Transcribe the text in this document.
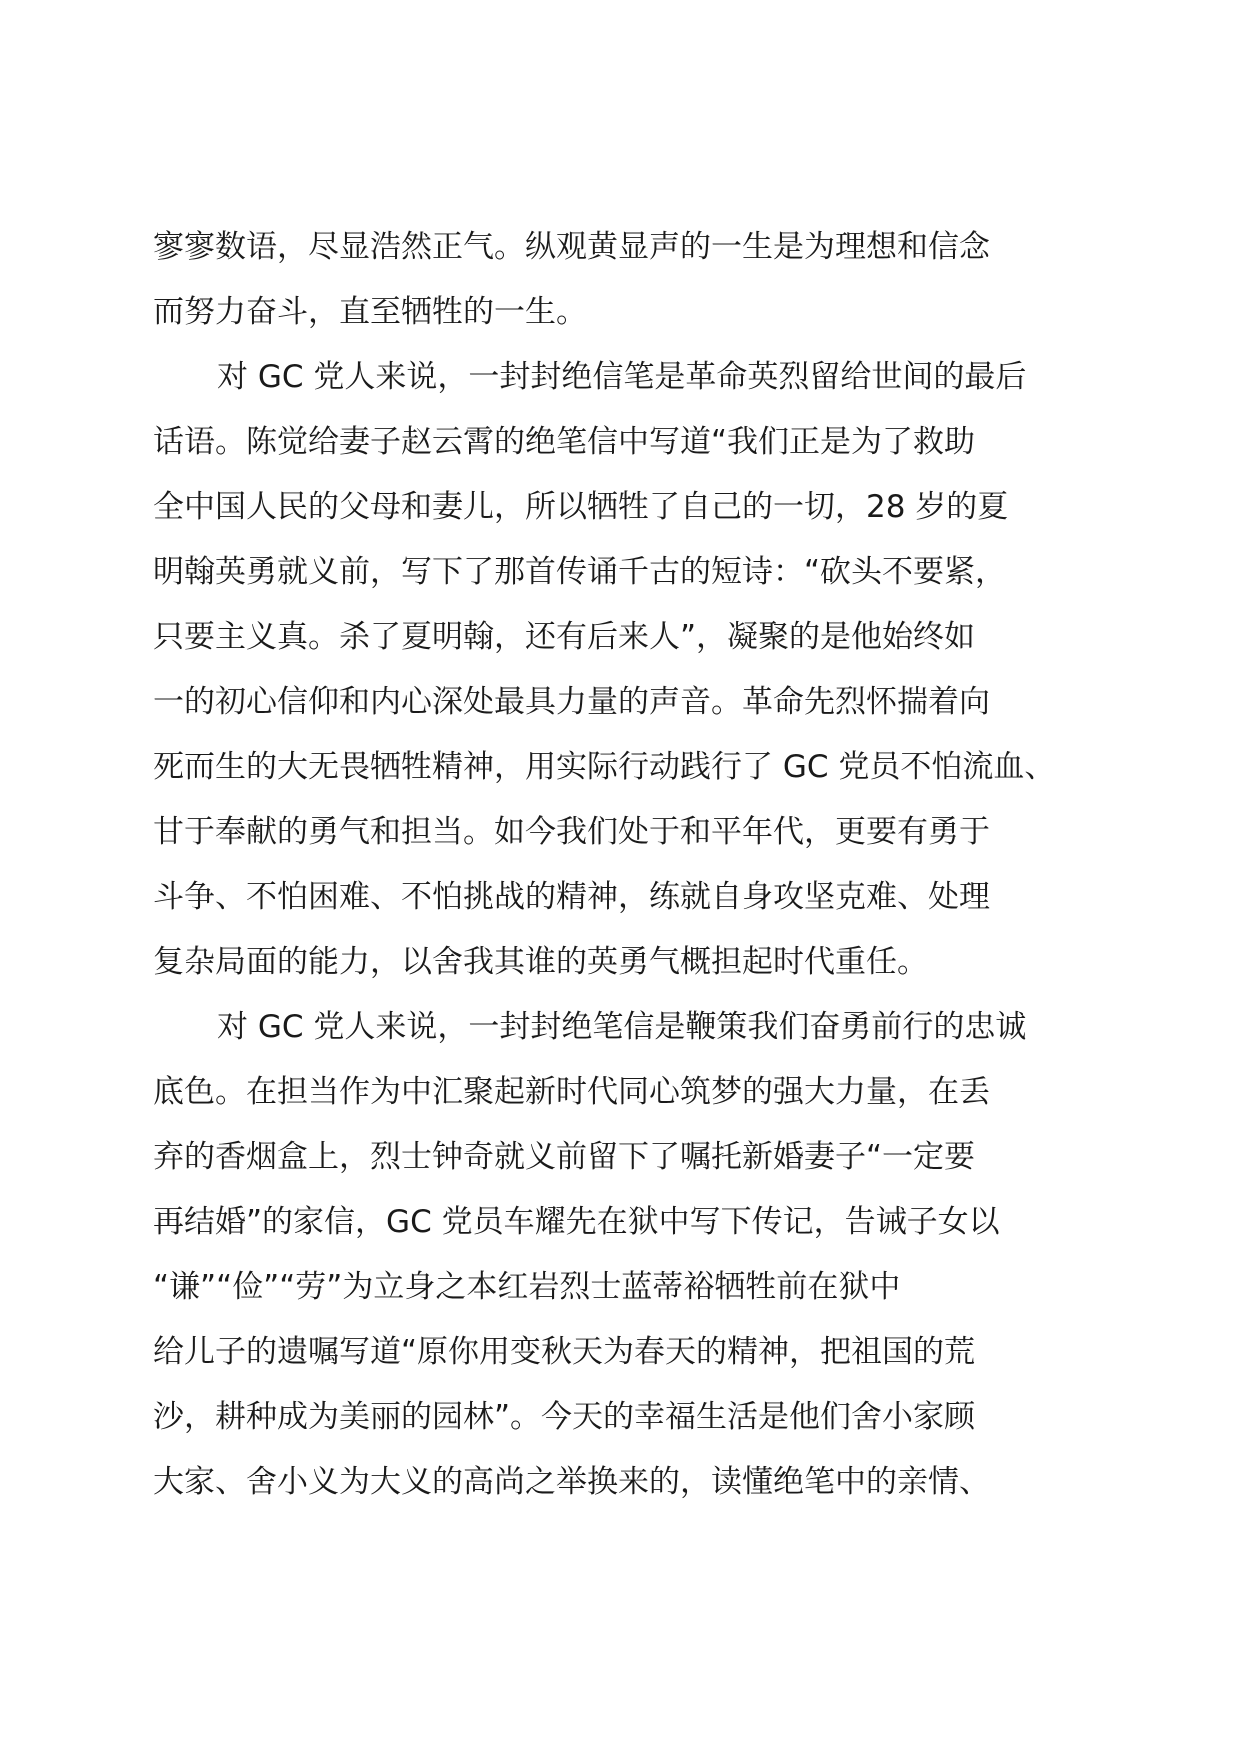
寥寥数语，尽显浩然正气。纵观黄显声的一生是为理想和信念
而努力奋斗，直至牺牲的一生。
对 GC 党人来说，一封封绝信笔是革命英烈留给世间的最后
话语。陈觉给妻子赵云霄的绝笔信中写道“我们正是为了救助
全中国人民的父母和妻儿，所以牺牲了自己的一切，28 岁的夏
明翰英勇就义前，写下了那首传诵千古的短诗：“砍头不要紧，
只要主义真。杀了夏明翰，还有后来人”，凝聚的是他始终如
一的初心信仰和内心深处最具力量的声音。革命先烈怀揣着向
死而生的大无畏牺牲精神，用实际行动践行了 GC 党员不怕流血、
甘于奉献的勇气和担当。如今我们处于和平年代，更要有勇于
斗争、不怕困难、不怕挑战的精神，练就自身攻坚克难、处理
复杂局面的能力，以舍我其谁的英勇气概担起时代重任。
对 GC 党人来说，一封封绝笔信是鞭策我们奋勇前行的忠诚
底色。在担当作为中汇聚起新时代同心筑梦的强大力量，在丢
弃的香烟盒上，烈士钟奇就义前留下了嘱托新婚妻子“一定要
再结婚”的家信，GC 党员车耀先在狱中写下传记，告诫子女以
“谦”“俭”“劳”为立身之本红岩烈士蓝蒂裕牺牲前在狱中
给儿子的遗嘱写道“原你用变秋天为春天的精神，把祖国的荒
沙，耕种成为美丽的园林”。今天的幸福生活是他们舍小家顾
大家、舍小义为大义的高尚之举换来的，读懂绝笔中的亲情、
